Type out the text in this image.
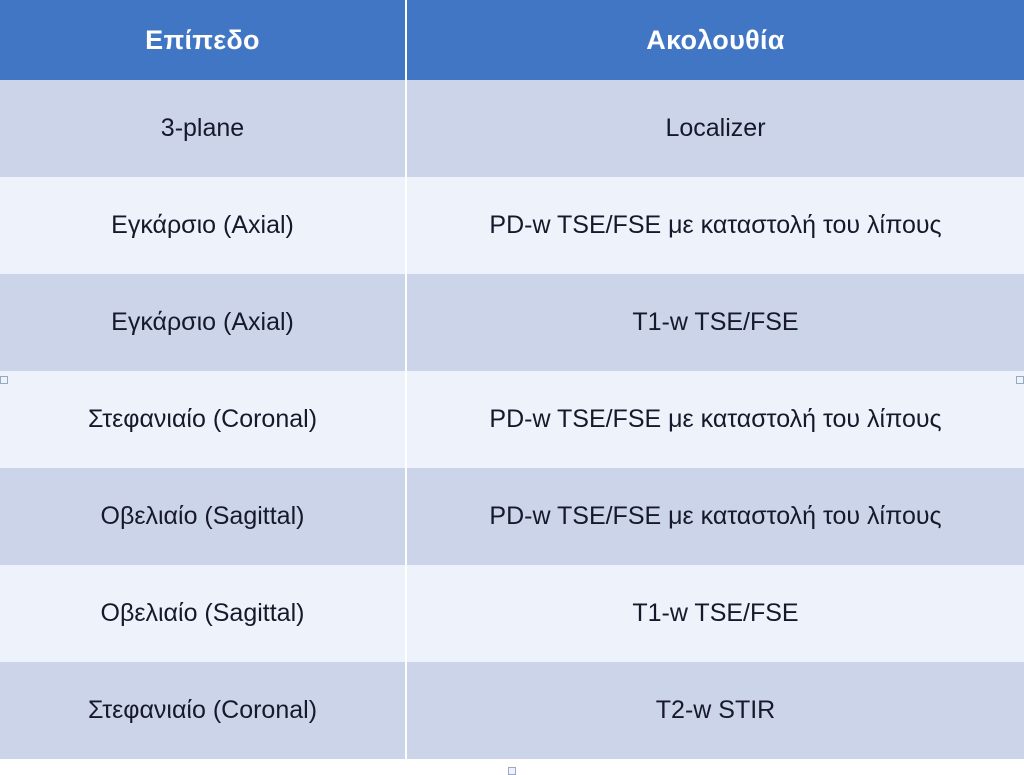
Επίπεδο	Ακολουθία
3-plane	Localizer
Εγκάρσιο (Axial)	PD-w TSE/FSE με καταστολή του λίπους
Εγκάρσιο (Axial)	T1-w TSE/FSE
Στεφανιαίο (Coronal)	PD-w TSE/FSE με καταστολή του λίπους
Οβελιαίο (Sagittal)	PD-w TSE/FSE με καταστολή του λίπους
Οβελιαίο (Sagittal)	T1-w TSE/FSE
Στεφανιαίο (Coronal)	T2-w STIR
